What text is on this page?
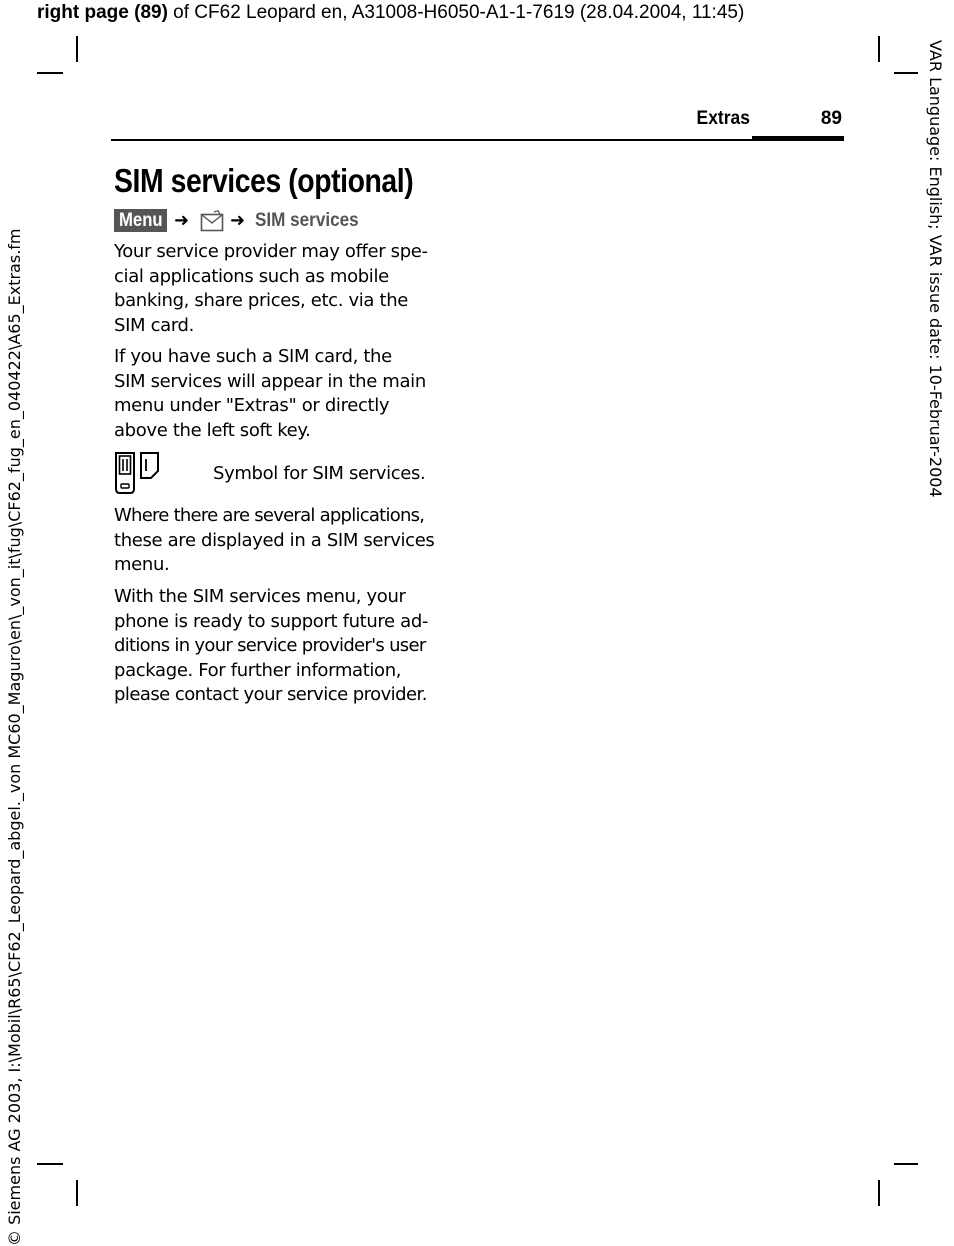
right page (89) of CF62 Leopard en, A31008-H6050-A1-1-7619 (28.04.2004, 11:45)
© Siemens AG 2003, I:\Mobil\R65\CF62_Leopard_abgel._von MC60_Maguro\en\_von_it\fug\CF62_fug_en_040422\A65_Extras.fm	VAR Language: English; VAR issue date: 10-Februar-2004
Extras	89
SIM services (optional)
Menu ➜ ➜ SIM services

Your service provider may offer spe-
cial applications such as mobile
banking, share prices, etc. via the
SIM card.

If you have such a SIM card, the
SIM services will appear in the main
menu under "Extras" or directly
above the left soft key.

Symbol for SIM services.

Where there are several applications,
these are displayed in a SIM services
menu.

With the SIM services menu, your
phone is ready to support future ad-
ditions in your service provider's user
package. For further information,
please contact your service provider.
